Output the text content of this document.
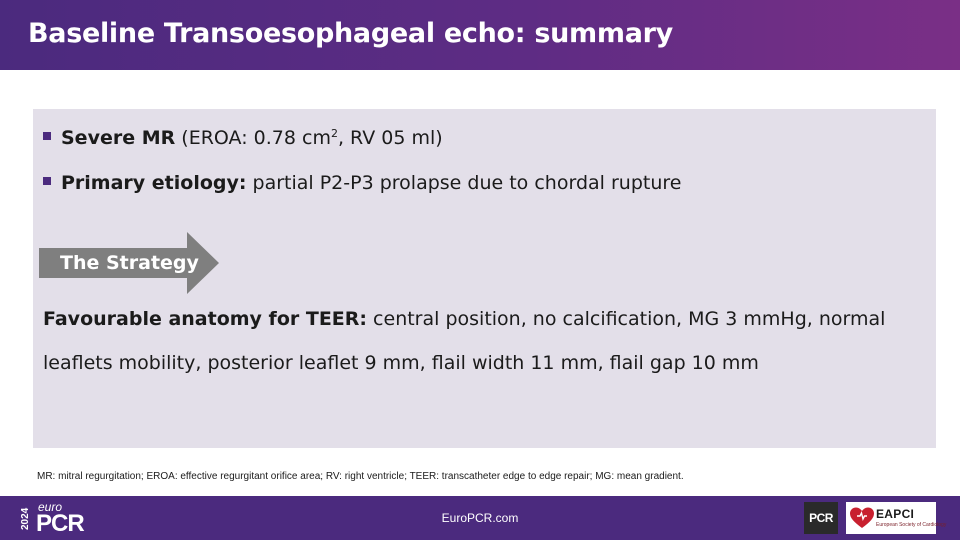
Baseline Transoesophageal echo: summary
Severe MR (EROA: 0.78 $cm^2$, RV 05 ml)
Primary etiology: partial P2-P3 prolapse due to chordal rupture
The Strategy
Favourable anatomy for TEER: central position, no calcification, MG 3 mmHg, normal leaflets mobility, posterior leaflet 9 mm, flail width 11 mm, flail gap 10 mm
MR: mitral regurgitation; EROA: effective regurgitant orifice area; RV: right ventricle; TEER: transcatheter edge to edge repair; MG: mean gradient.
2024
euro
PCR	EuroPCR.com	PCR	EAPCI
European Society of Cardiology
